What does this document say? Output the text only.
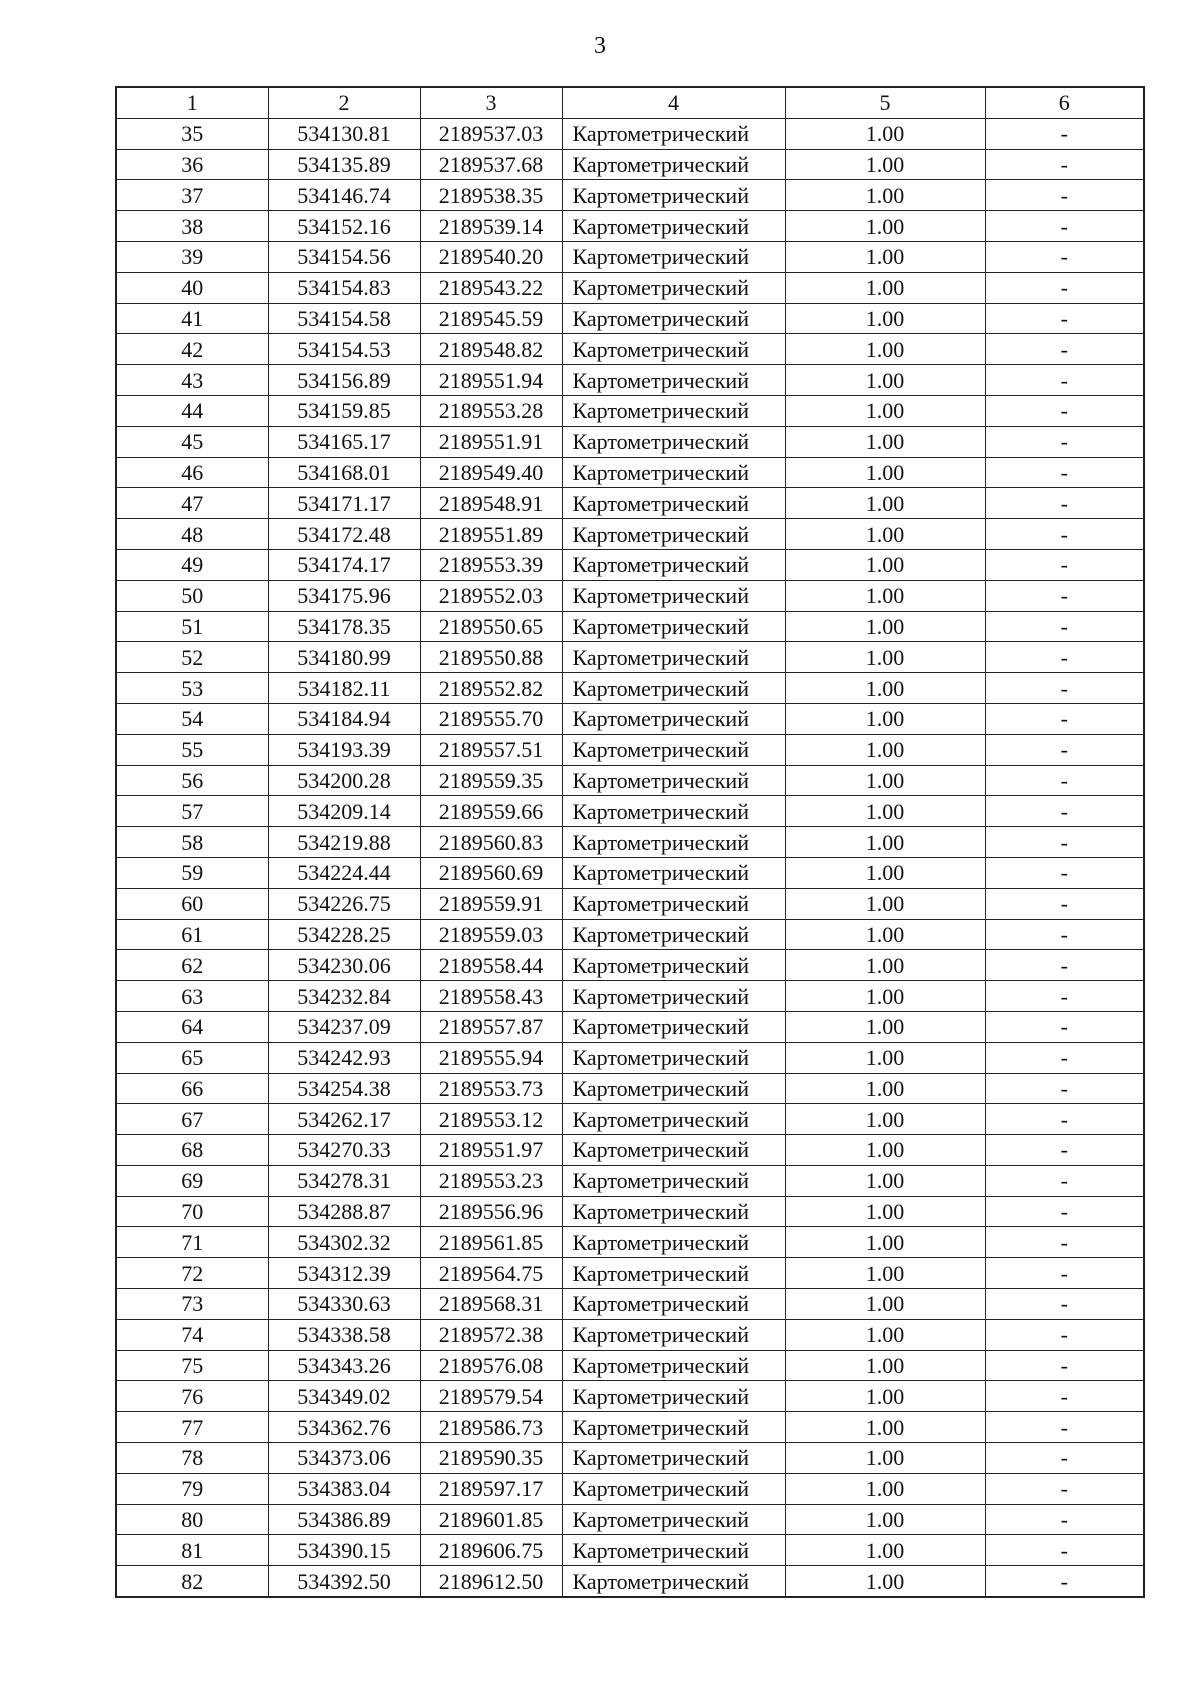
3
1	2	3	4	5	6
35	534130.81	2189537.03	Картометрический	1.00	-
36	534135.89	2189537.68	Картометрический	1.00	-
37	534146.74	2189538.35	Картометрический	1.00	-
38	534152.16	2189539.14	Картометрический	1.00	-
39	534154.56	2189540.20	Картометрический	1.00	-
40	534154.83	2189543.22	Картометрический	1.00	-
41	534154.58	2189545.59	Картометрический	1.00	-
42	534154.53	2189548.82	Картометрический	1.00	-
43	534156.89	2189551.94	Картометрический	1.00	-
44	534159.85	2189553.28	Картометрический	1.00	-
45	534165.17	2189551.91	Картометрический	1.00	-
46	534168.01	2189549.40	Картометрический	1.00	-
47	534171.17	2189548.91	Картометрический	1.00	-
48	534172.48	2189551.89	Картометрический	1.00	-
49	534174.17	2189553.39	Картометрический	1.00	-
50	534175.96	2189552.03	Картометрический	1.00	-
51	534178.35	2189550.65	Картометрический	1.00	-
52	534180.99	2189550.88	Картометрический	1.00	-
53	534182.11	2189552.82	Картометрический	1.00	-
54	534184.94	2189555.70	Картометрический	1.00	-
55	534193.39	2189557.51	Картометрический	1.00	-
56	534200.28	2189559.35	Картометрический	1.00	-
57	534209.14	2189559.66	Картометрический	1.00	-
58	534219.88	2189560.83	Картометрический	1.00	-
59	534224.44	2189560.69	Картометрический	1.00	-
60	534226.75	2189559.91	Картометрический	1.00	-
61	534228.25	2189559.03	Картометрический	1.00	-
62	534230.06	2189558.44	Картометрический	1.00	-
63	534232.84	2189558.43	Картометрический	1.00	-
64	534237.09	2189557.87	Картометрический	1.00	-
65	534242.93	2189555.94	Картометрический	1.00	-
66	534254.38	2189553.73	Картометрический	1.00	-
67	534262.17	2189553.12	Картометрический	1.00	-
68	534270.33	2189551.97	Картометрический	1.00	-
69	534278.31	2189553.23	Картометрический	1.00	-
70	534288.87	2189556.96	Картометрический	1.00	-
71	534302.32	2189561.85	Картометрический	1.00	-
72	534312.39	2189564.75	Картометрический	1.00	-
73	534330.63	2189568.31	Картометрический	1.00	-
74	534338.58	2189572.38	Картометрический	1.00	-
75	534343.26	2189576.08	Картометрический	1.00	-
76	534349.02	2189579.54	Картометрический	1.00	-
77	534362.76	2189586.73	Картометрический	1.00	-
78	534373.06	2189590.35	Картометрический	1.00	-
79	534383.04	2189597.17	Картометрический	1.00	-
80	534386.89	2189601.85	Картометрический	1.00	-
81	534390.15	2189606.75	Картометрический	1.00	-
82	534392.50	2189612.50	Картометрический	1.00	-
